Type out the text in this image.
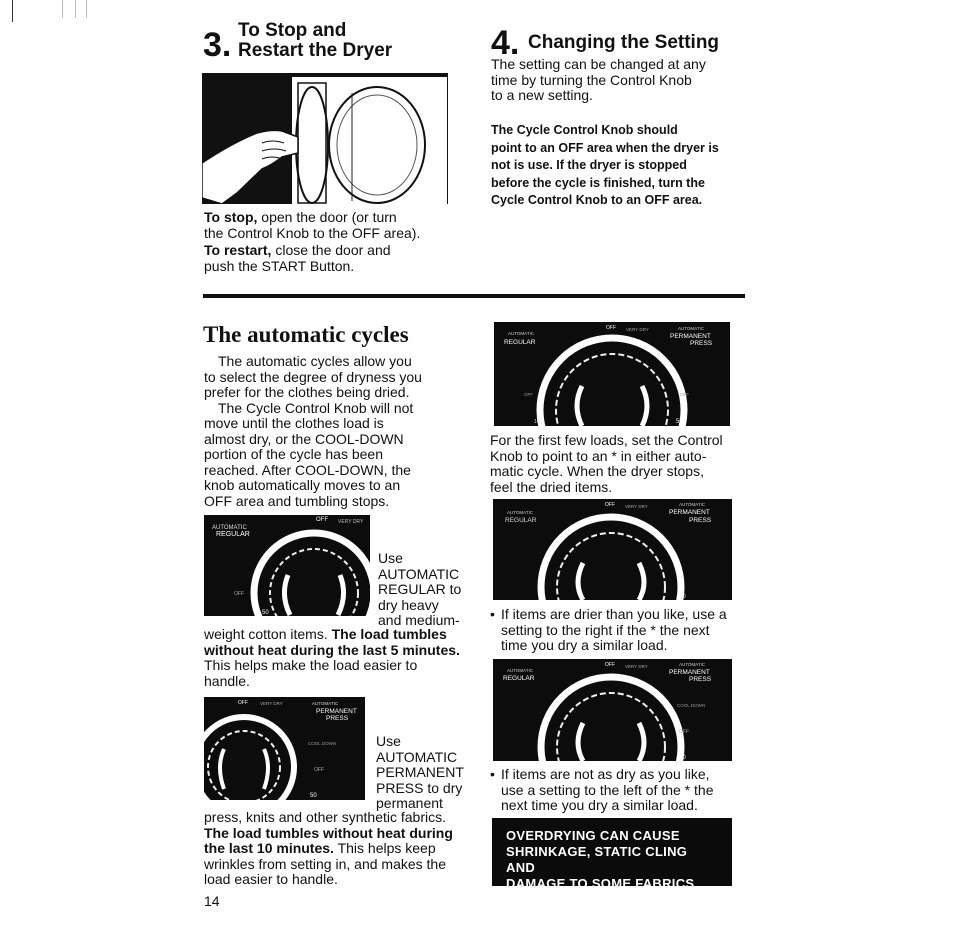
3. To Stop and
Restart the Dryer
To stop, open the door (or turn
the Control Knob to the OFF area).
To restart, close the door and
push the START Button.
4. Changing the Setting
The setting can be changed at any
time by turning the Control Knob
to a new setting.
The Cycle Control Knob should
point to an OFF area when the dryer is
not is use. If the dryer is stopped
before the cycle is finished, turn the
Cycle Control Knob to an OFF area.
The automatic cycles
The automatic cycles allow you
to select the degree of dryness you
prefer for the clothes being dried.
The Cycle Control Knob will not
move until the clothes load is
almost dry, or the COOL-DOWN
portion of the cycle has been
reached. After COOL-DOWN, the
knob automatically moves to an
OFF area and tumbling stops.
AUTOMATIC
REGULAR
OFF VERY DRY
OFF
50
Use
AUTOMATIC
REGULAR to
dry heavy
and medium-
weight cotton items. The load tumbles
without heat during the last 5 minutes.
This helps make the load easier to
handle.
OFF	VERY DRY	AUTOMATIC
PERMANENT
PRESS
COOL DOWN
OFF
50
Use
AUTOMATIC
PERMANENT
PRESS to dry
permanent
press, knits and other synthetic fabrics.
The load tumbles without heat during
the last 10 minutes. This helps keep
wrinkles from setting in, and makes the
load easier to handle.
14
OFF VERY DRY
AUTOMATIC
REGULAR
AUTOMATIC
PERMANENT
PRESS
OFF	OFF
10	50
For the first few loads, set the Control
Knob to point to an * in either auto-
matic cycle. When the dryer stops,
feel the dried items.
OFF VERY DRY
AUTOMATIC
REGULAR
AUTOMATIC
PERMANENT
PRESS
50
• If items are drier than you like, use a
setting to the right if the * the next
time you dry a similar load.
OFF VERY DRY
AUTOMATIC
REGULAR
AUTOMATIC
PERMANENT
PRESS
COOL DOWN
OFF
50
• If items are not as dry as you like,
use a setting to the left of the * the
next time you dry a similar load.
OVERDRYING CAN CAUSE
SHRINKAGE, STATIC CLING AND
DAMAGE TO SOME FABRICS.
